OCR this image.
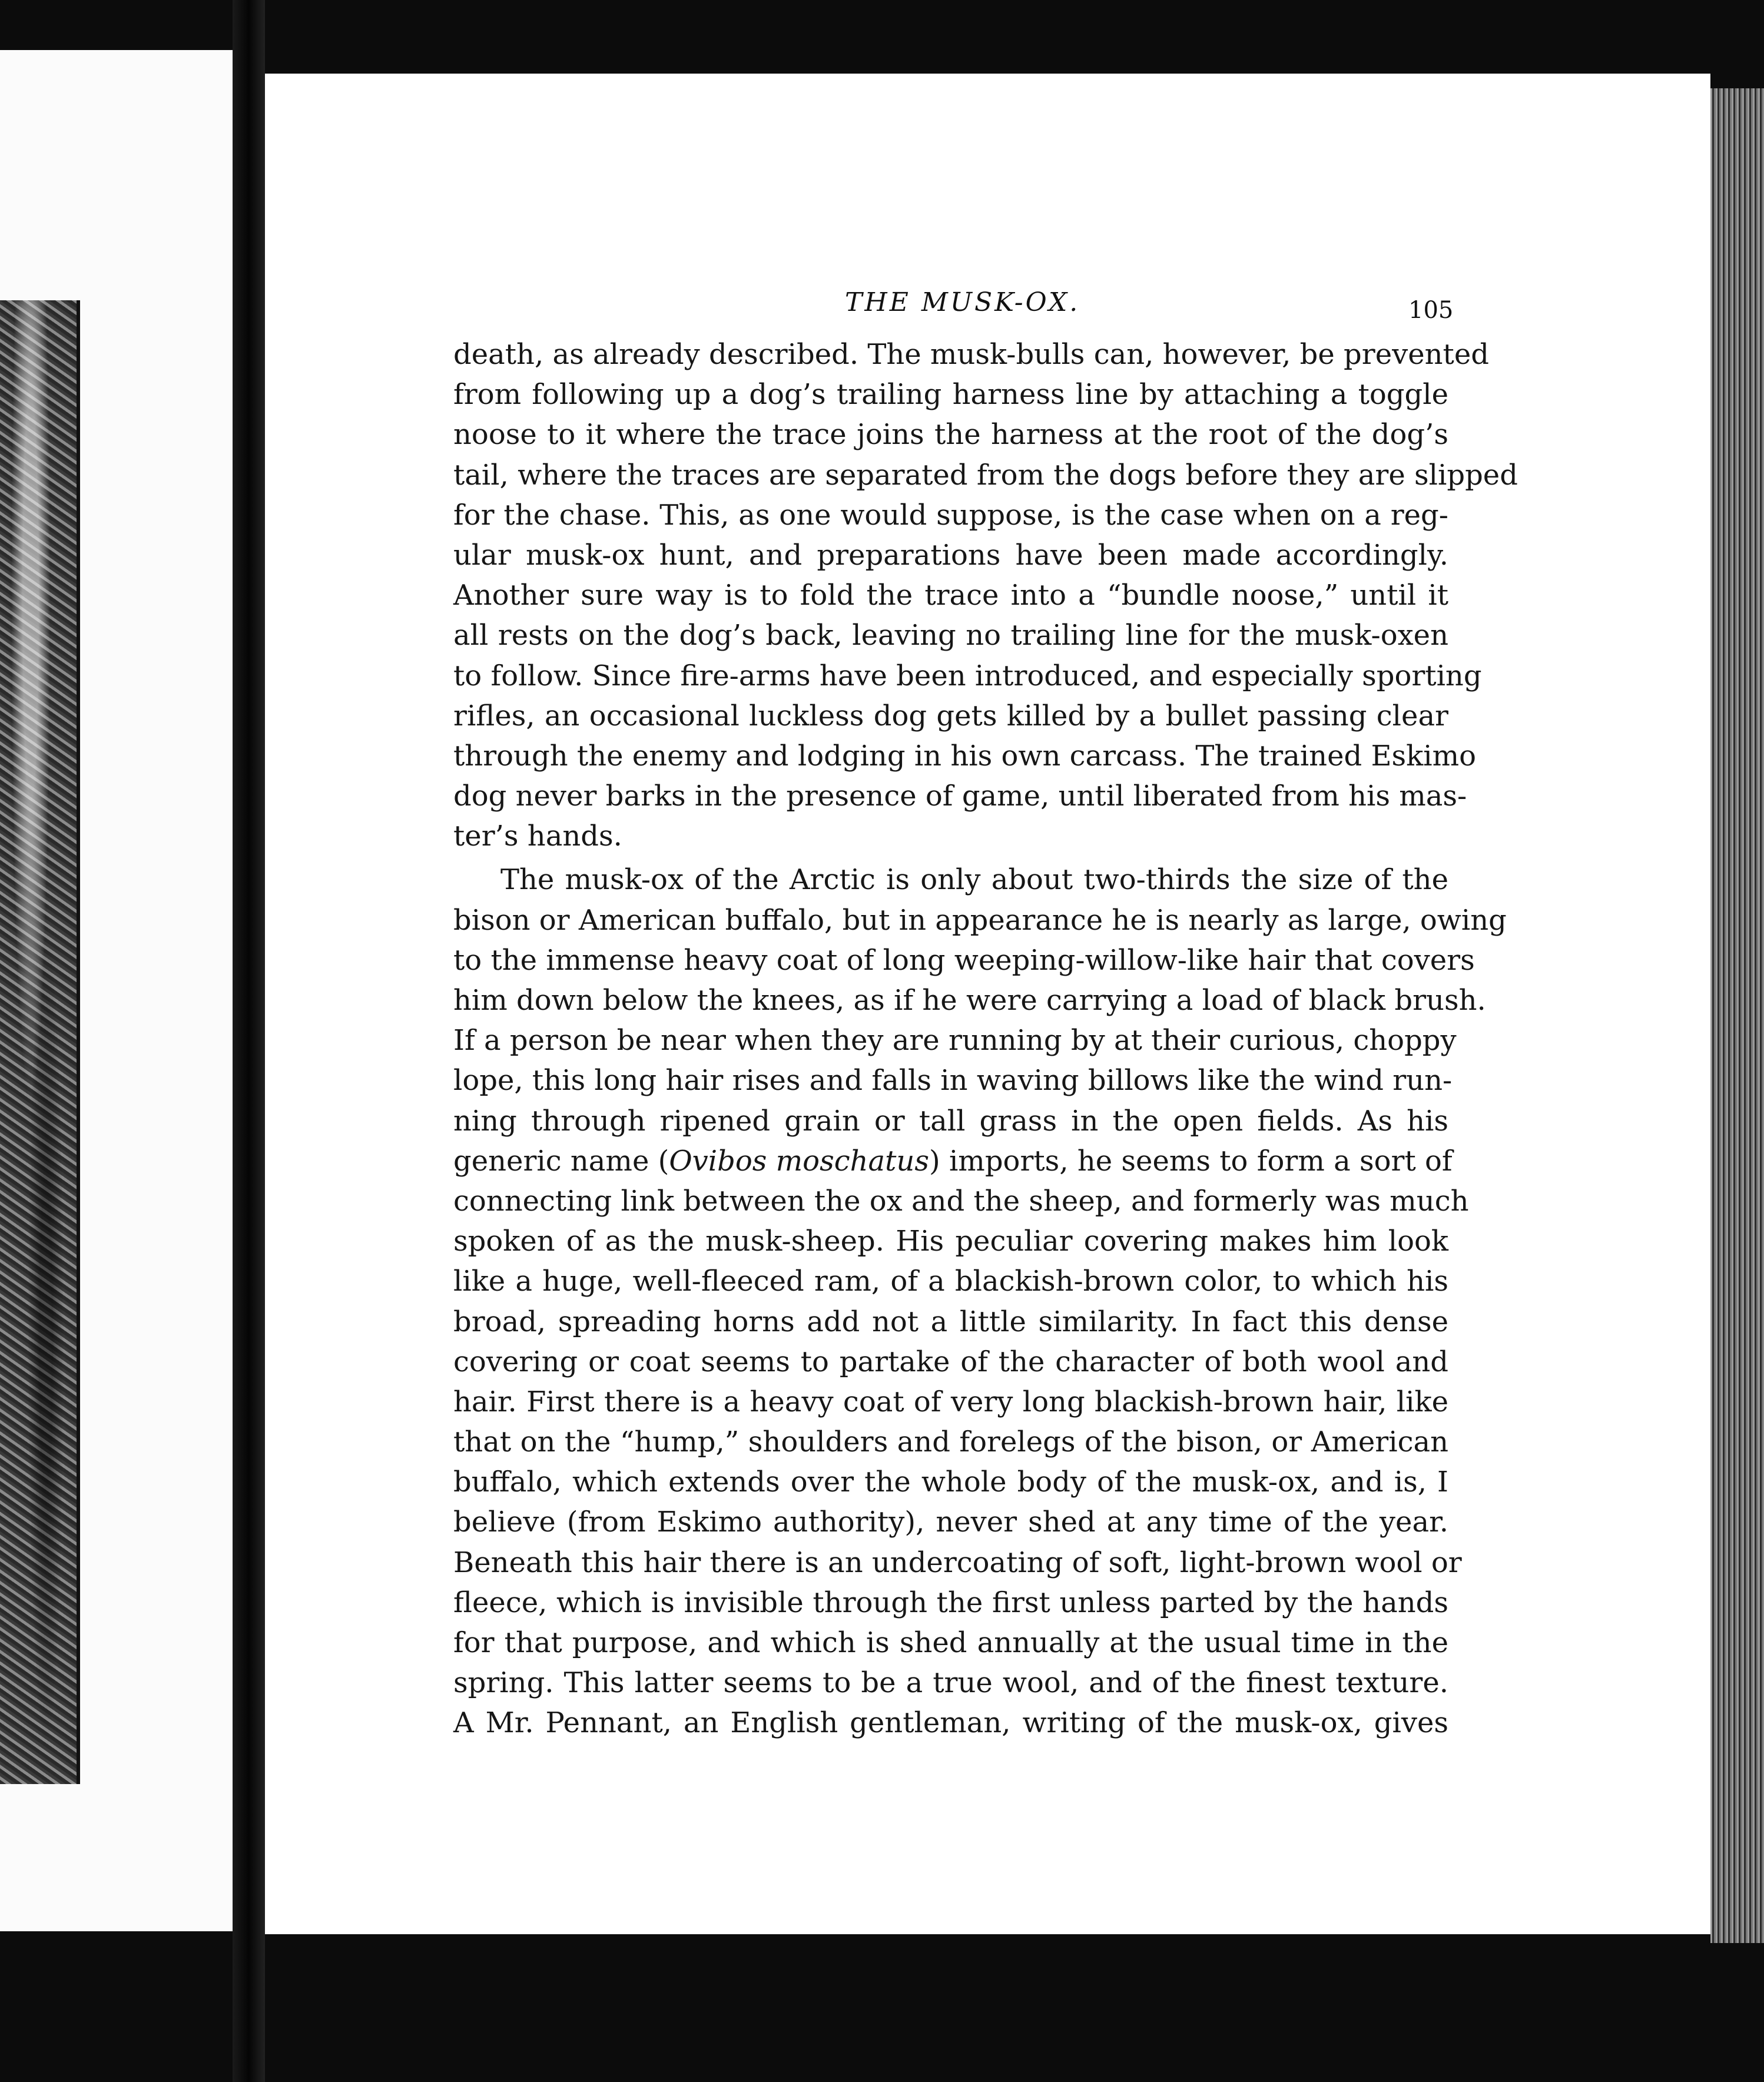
THE MUSK-OX.	105
death, as already described. The musk-bulls can, however, be prevented
from following up a dog’s trailing harness line by attaching a toggle
noose to it where the trace joins the harness at the root of the dog’s
tail, where the traces are separated from the dogs before they are slipped
for the chase. This, as one would suppose, is the case when on a reg-
ular musk-ox hunt, and preparations have been made accordingly.
Another sure way is to fold the trace into a “bundle noose,” until it
all rests on the dog’s back, leaving no trailing line for the musk-oxen
to follow. Since fire-arms have been introduced, and especially sporting
rifles, an occasional luckless dog gets killed by a bullet passing clear
through the enemy and lodging in his own carcass. The trained Eskimo
dog never barks in the presence of game, until liberated from his mas-
ter’s hands.
The musk-ox of the Arctic is only about two-thirds the size of the
bison or American buffalo, but in appearance he is nearly as large, owing
to the immense heavy coat of long weeping-willow-like hair that covers
him down below the knees, as if he were carrying a load of black brush.
If a person be near when they are running by at their curious, choppy
lope, this long hair rises and falls in waving billows like the wind run-
ning through ripened grain or tall grass in the open fields. As his
generic name (Ovibos moschatus) imports, he seems to form a sort of
connecting link between the ox and the sheep, and formerly was much
spoken of as the musk-sheep. His peculiar covering makes him look
like a huge, well-fleeced ram, of a blackish-brown color, to which his
broad, spreading horns add not a little similarity. In fact this dense
covering or coat seems to partake of the character of both wool and
hair. First there is a heavy coat of very long blackish-brown hair, like
that on the “hump,” shoulders and forelegs of the bison, or American
buffalo, which extends over the whole body of the musk-ox, and is, I
believe (from Eskimo authority), never shed at any time of the year.
Beneath this hair there is an undercoating of soft, light-brown wool or
fleece, which is invisible through the first unless parted by the hands
for that purpose, and which is shed annually at the usual time in the
spring. This latter seems to be a true wool, and of the finest texture.
A Mr. Pennant, an English gentleman, writing of the musk-ox, gives
